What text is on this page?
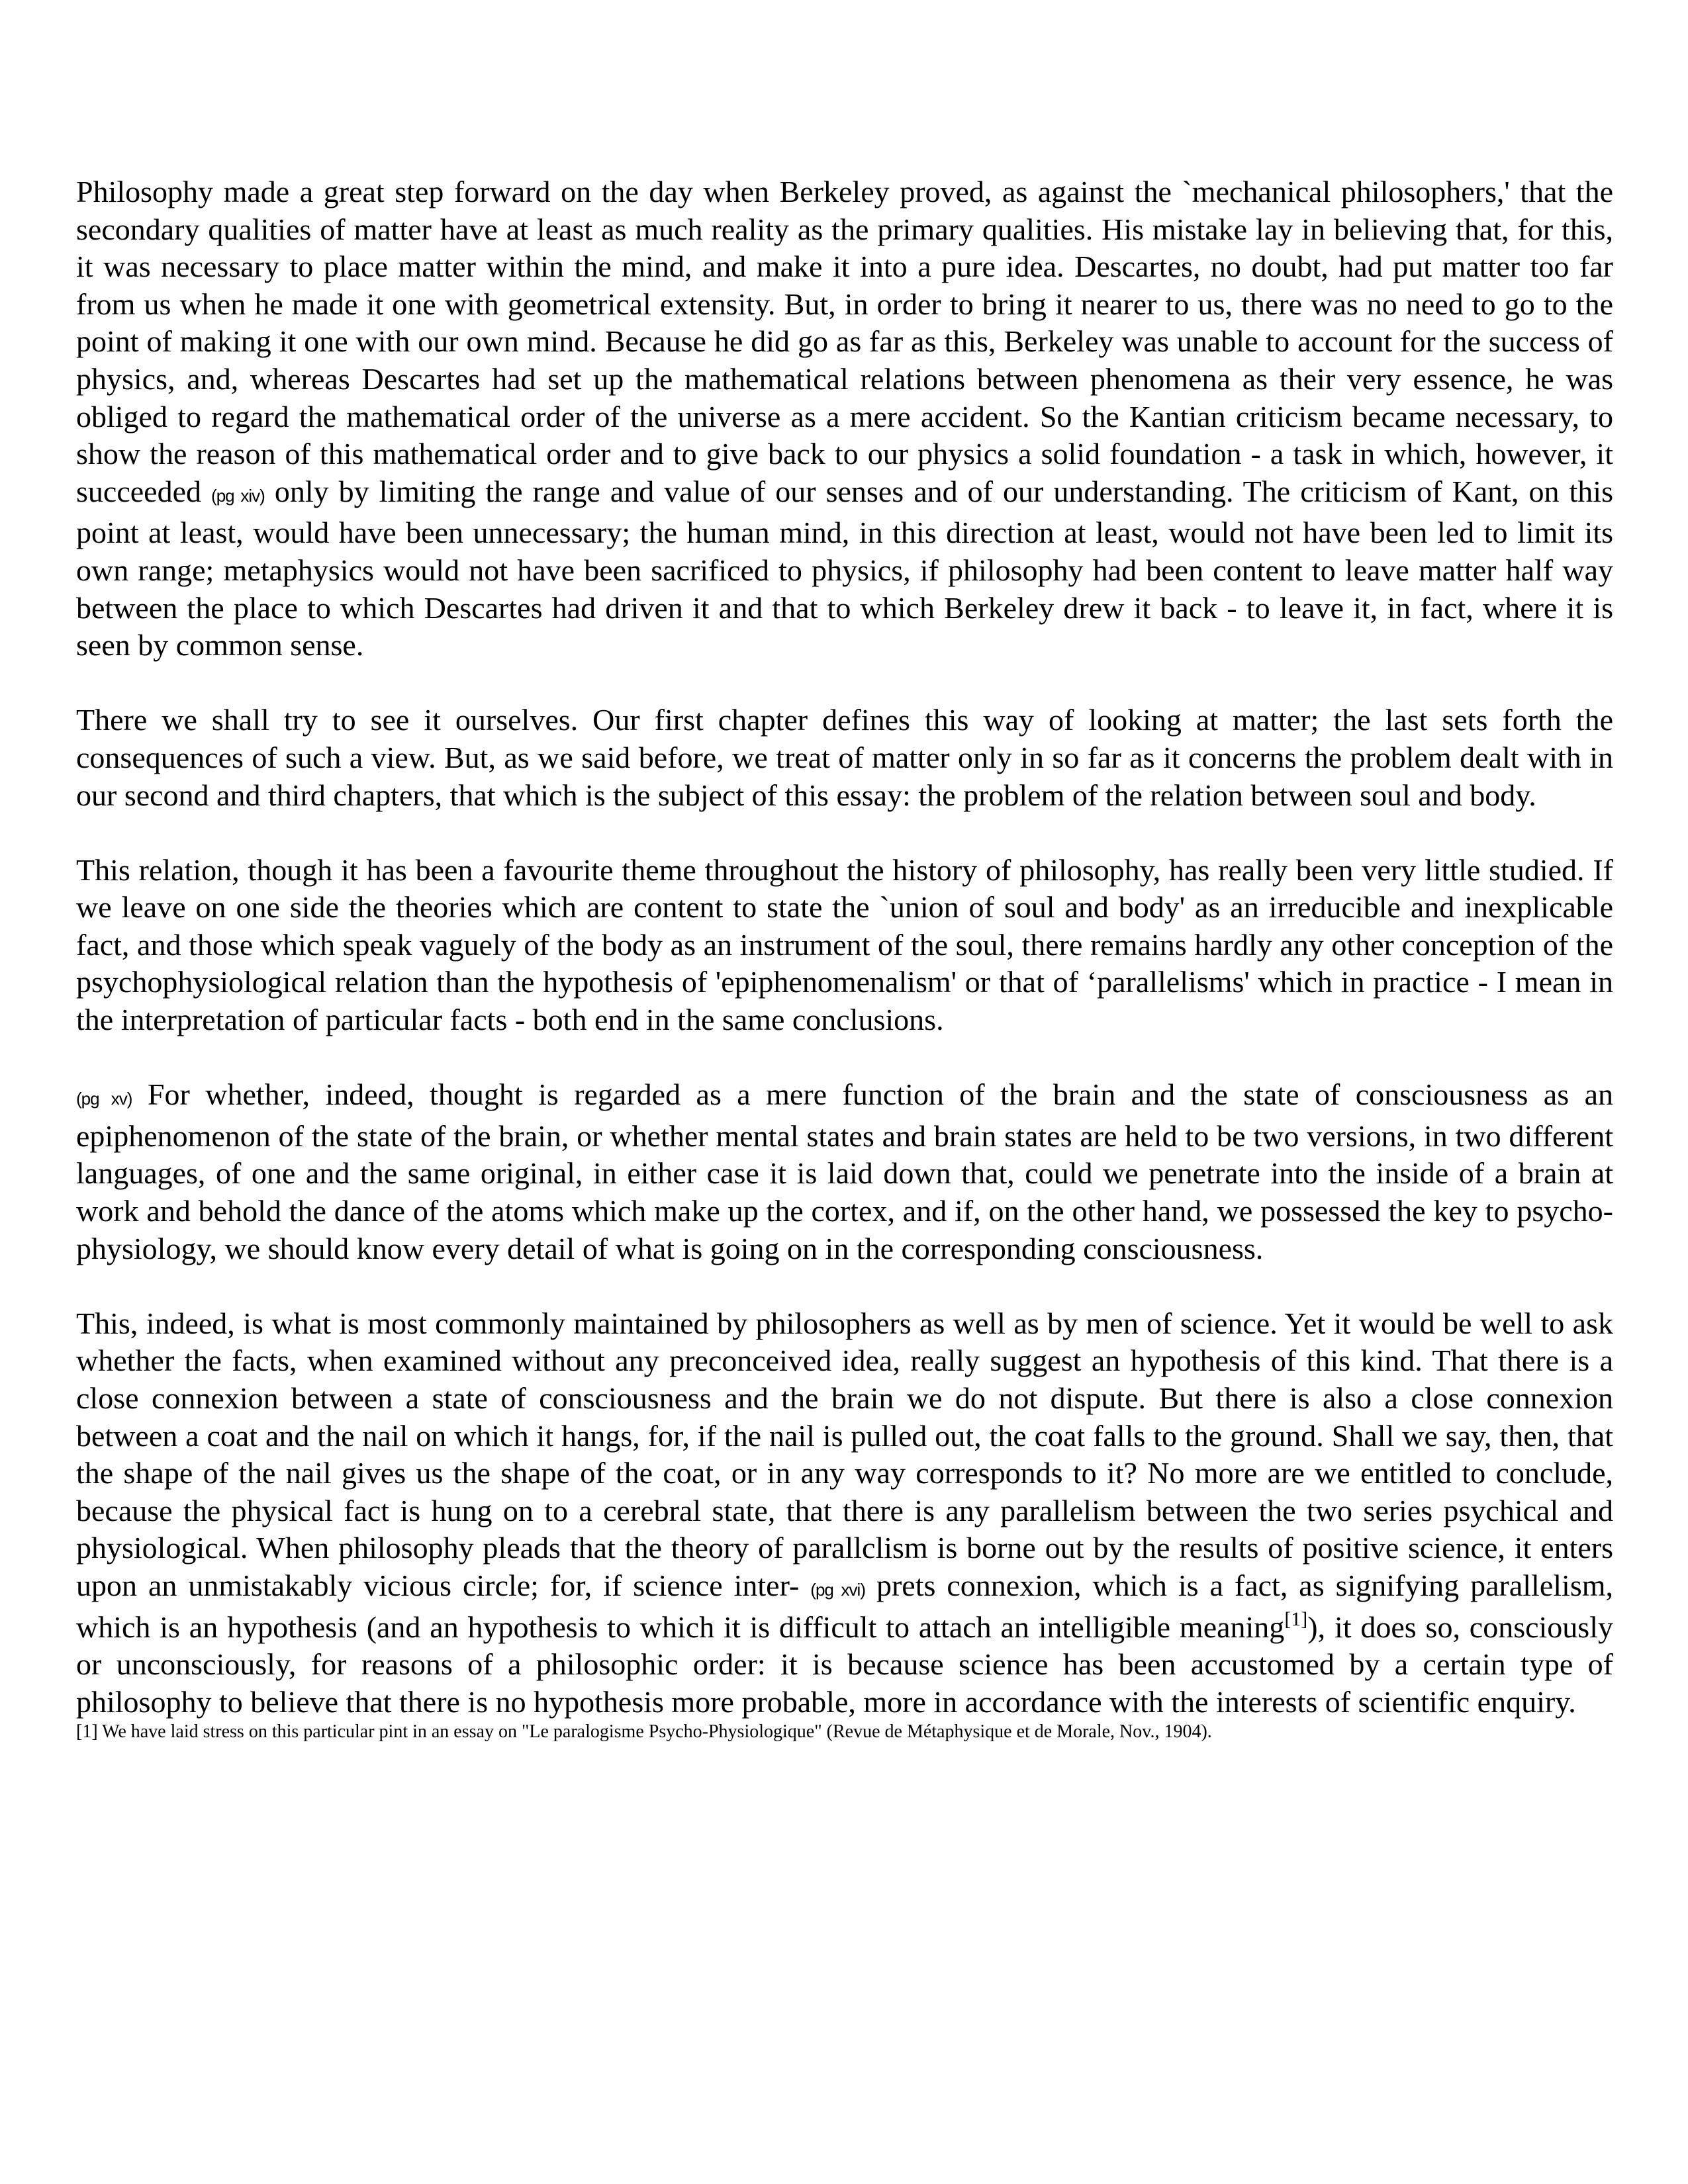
Philosophy made a great step forward on the day when Berkeley proved, as against the `mechanical philosophers,' that the secondary qualities of matter have at least as much reality as the primary qualities. His mistake lay in believing that, for this, it was necessary to place matter within the mind, and make it into a pure idea. Descartes, no doubt, had put matter too far from us when he made it one with geometrical extensity. But, in order to bring it nearer to us, there was no need to go to the point of making it one with our own mind. Because he did go as far as this, Berkeley was unable to account for the success of physics, and, whereas Descartes had set up the mathematical relations between phenomena as their very essence, he was obliged to regard the mathematical order of the universe as a mere accident. So the Kantian criticism became necessary, to show the reason of this mathematical order and to give back to our physics a solid foundation - a task in which, however, it succeeded (pg xiv) only by limiting the range and value of our senses and of our understanding. The criticism of Kant, on this point at least, would have been unnecessary; the human mind, in this direction at least, would not have been led to limit its own range; metaphysics would not have been sacrificed to physics, if philosophy had been content to leave matter half way between the place to which Descartes had driven it and that to which Berkeley drew it back - to leave it, in fact, where it is seen by common sense.

There we shall try to see it ourselves. Our first chapter defines this way of looking at matter; the last sets forth the consequences of such a view. But, as we said before, we treat of matter only in so far as it concerns the problem dealt with in our second and third chapters, that which is the subject of this essay: the problem of the relation between soul and body.

This relation, though it has been a favourite theme throughout the history of philosophy, has really been very little studied. If we leave on one side the theories which are content to state the `union of soul and body' as an irreducible and inexplicable fact, and those which speak vaguely of the body as an instrument of the soul, there remains hardly any other conception of the psychophysiological relation than the hypothesis of 'epiphenomenalism' or that of ‘parallelisms' which in practice - I mean in the interpretation of particular facts - both end in the same conclusions.

(pg xv) For whether, indeed, thought is regarded as a mere function of the brain and the state of consciousness as an epiphenomenon of the state of the brain, or whether mental states and brain states are held to be two versions, in two different languages, of one and the same original, in either case it is laid down that, could we penetrate into the inside of a brain at work and behold the dance of the atoms which make up the cortex, and if, on the other hand, we possessed the key to psycho-physiology, we should know every detail of what is going on in the corresponding consciousness.

This, indeed, is what is most commonly maintained by philosophers as well as by men of science. Yet it would be well to ask whether the facts, when examined without any preconceived idea, really suggest an hypothesis of this kind. That there is a close connexion between a state of consciousness and the brain we do not dispute. But there is also a close connexion between a coat and the nail on which it hangs, for, if the nail is pulled out, the coat falls to the ground. Shall we say, then, that the shape of the nail gives us the shape of the coat, or in any way corresponds to it? No more are we entitled to conclude, because the physical fact is hung on to a cerebral state, that there is any parallelism between the two series psychical and physiological. When philosophy pleads that the theory of parallclism is borne out by the results of positive science, it enters upon an unmistakably vicious circle; for, if science inter- (pg xvi) prets connexion, which is a fact, as signifying parallelism, which is an hypothesis (and an hypothesis to which it is difficult to attach an intelligible meaning[1]), it does so, consciously or unconsciously, for reasons of a philosophic order: it is because science has been accustomed by a certain type of philosophy to believe that there is no hypothesis more probable, more in accordance with the interests of scientific enquiry.

[1] We have laid stress on this particular pint in an essay on "Le paralogisme Psycho-Physiologique" (Revue de Métaphysique et de Morale, Nov., 1904).
